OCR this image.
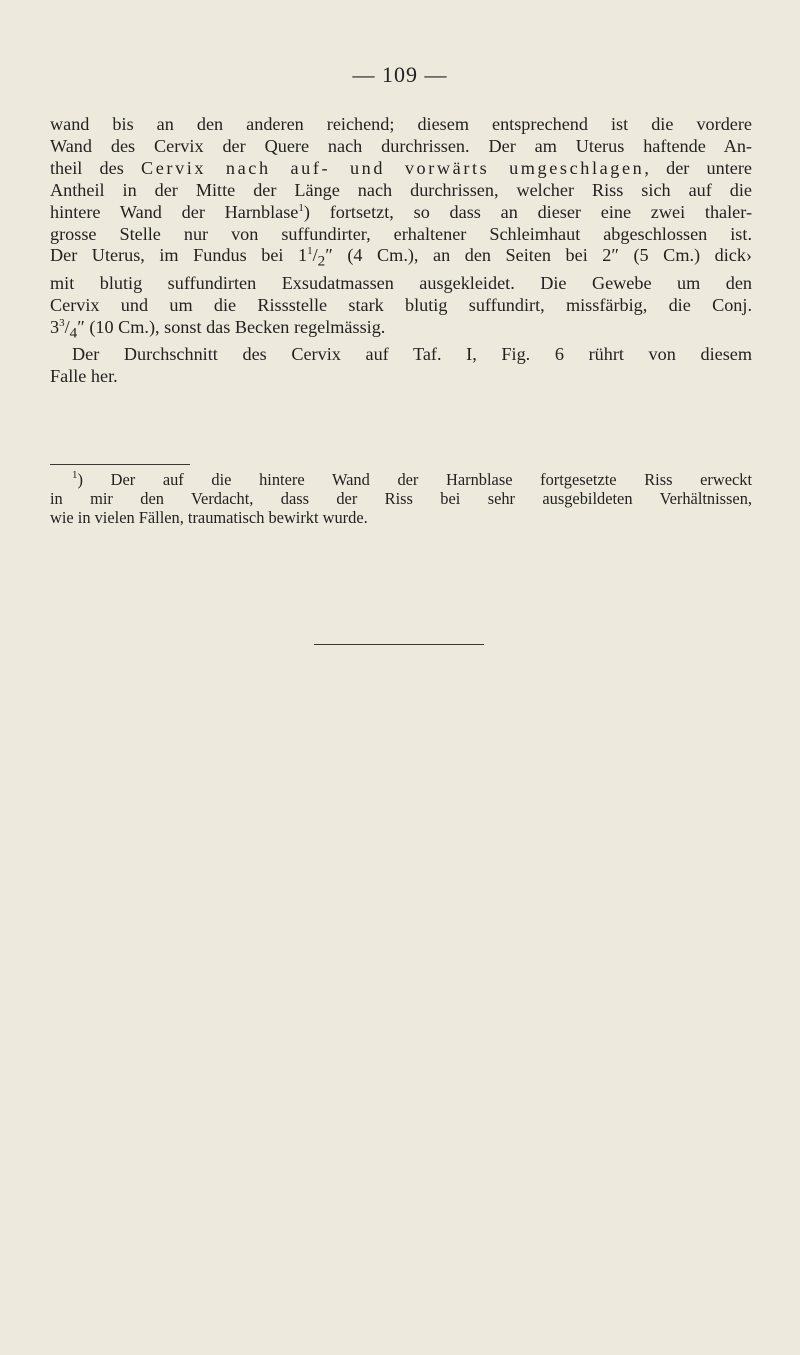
— 109 —

wand bis an den anderen reichend; diesem entsprechend ist die vordere
Wand des Cervix der Quere nach durchrissen. Der am Uterus haftende An-
theil des Cervix nach auf- und vorwärts umgeschlagen, der untere
Antheil in der Mitte der Länge nach durchrissen, welcher Riss sich auf die
hintere Wand der Harnblase$^1$) fortsetzt, so dass an dieser eine zwei thaler-
grosse Stelle nur von suffundirter, erhaltener Schleimhaut abgeschlossen ist.
Der Uterus, im Fundus bei $1^1/_2''$ (4 Cm.), an den Seiten bei 2″ (5 Cm.) dick›
mit blutig suffundirten Exsudatmassen ausgekleidet. Die Gewebe um den
Cervix und um die Rissstelle stark blutig suffundirt, missfärbig, die Conj.
$3^3/_4''$ (10 Cm.), sonst das Becken regelmässig.

Der Durchschnitt des Cervix auf Taf. I, Fig. 6 rührt von diesem
Falle her.

$^1$) Der auf die hintere Wand der Harnblase fortgesetzte Riss erweckt
in mir den Verdacht, dass der Riss bei sehr ausgebildeten Verhältnissen,
wie in vielen Fällen, traumatisch bewirkt wurde.
